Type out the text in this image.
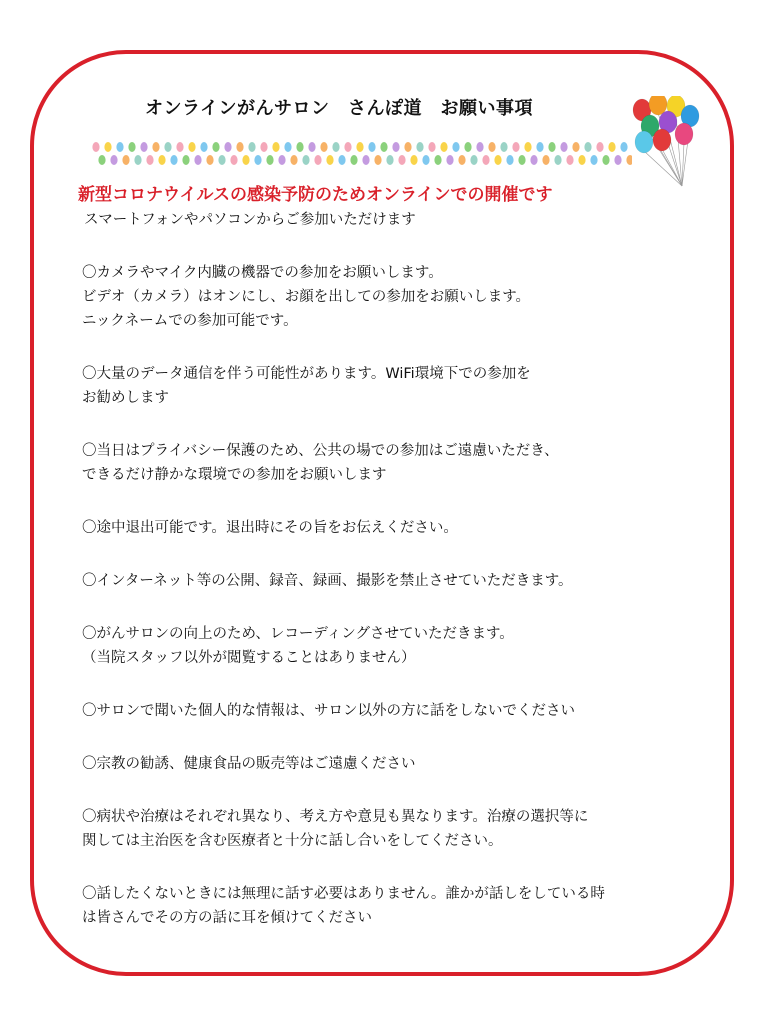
オンラインがんサロン　さんぽ道　お願い事項
新型コロナウイルスの感染予防のためオンラインでの開催です
スマートフォンやパソコンからご参加いただけます
〇カメラやマイク内臓の機器での参加をお願いします。
ビデオ（カメラ）はオンにし、お顔を出しての参加をお願いします。
ニックネームでの参加可能です。
〇大量のデータ通信を伴う可能性があります。WiFi環境下での参加を
お勧めします
〇当日はプライバシー保護のため、公共の場での参加はご遠慮いただき、
できるだけ静かな環境での参加をお願いします
〇途中退出可能です。退出時にその旨をお伝えください。
〇インターネット等の公開、録音、録画、撮影を禁止させていただきます。
〇がんサロンの向上のため、レコーディングさせていただきます。
（当院スタッフ以外が閲覧することはありません）
〇サロンで聞いた個人的な情報は、サロン以外の方に話をしないでください
〇宗教の勧誘、健康食品の販売等はご遠慮ください
〇病状や治療はそれぞれ異なり、考え方や意見も異なります。治療の選択等に
関しては主治医を含む医療者と十分に話し合いをしてください。
〇話したくないときには無理に話す必要はありません。誰かが話しをしている時
は皆さんでその方の話に耳を傾けてください
